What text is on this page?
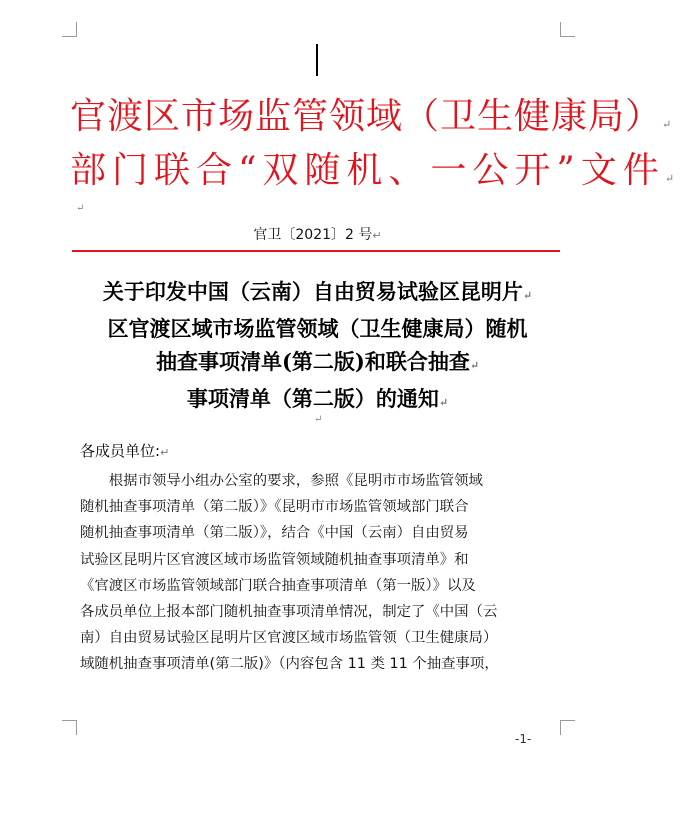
官渡区市场监管领域（卫生健康局）↵
部门联合“双随机、一公开”文件↵
↵
官卫〔2021〕2 号↵
关于印发中国（云南）自由贸易试验区昆明片↵
区官渡区域市场监管领域（卫生健康局）随机
抽查事项清单(第二版)和联合抽查↵
事项清单（第二版）的通知↵
↵
各成员单位:↵
　　根据市领导小组办公室的要求，参照《昆明市市场监管领域
随机抽查事项清单（第二版）》《昆明市市场监管领域部门联合
随机抽查事项清单（第二版）》，结合《中国（云南）自由贸易
试验区昆明片区官渡区域市场监管领域随机抽查事项清单》和
《官渡区市场监管领域部门联合抽查事项清单（第一版）》以及
各成员单位上报本部门随机抽查事项清单情况，制定了《中国（云
南）自由贸易试验区昆明片区官渡区域市场监管领（卫生健康局）
域随机抽查事项清单(第二版)》（内容包含 11 类 11 个抽查事项，
-1-
